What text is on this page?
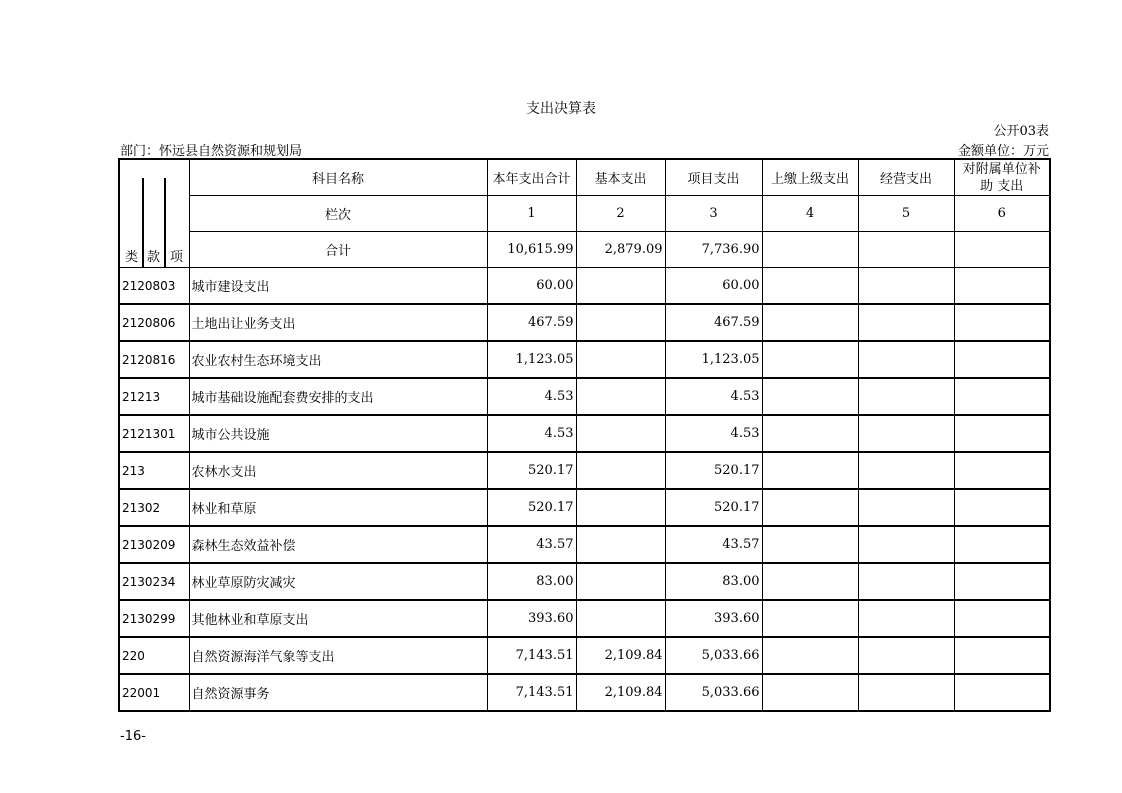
支出决算表
公开03表
部门：怀远县自然资源和规划局	金额单位：万元
类 款 项	科目名称	本年支出合计	基本支出	项目支出	上缴上级支出	经营支出	对附属单位补助 支出
	栏次	1	2	3	4	5	6
	合计	10,615.99	2,879.09	7,736.90			
2120803	城市建设支出	60.00		60.00			
2120806	土地出让业务支出	467.59		467.59			
2120816	农业农村生态环境支出	1,123.05		1,123.05			
21213	城市基础设施配套费安排的支出	4.53		4.53			
2121301	城市公共设施	4.53		4.53			
213	农林水支出	520.17		520.17			
21302	林业和草原	520.17		520.17			
2130209	森林生态效益补偿	43.57		43.57			
2130234	林业草原防灾减灾	83.00		83.00			
2130299	其他林业和草原支出	393.60		393.60			
220	自然资源海洋气象等支出	7,143.51	2,109.84	5,033.66			
22001	自然资源事务	7,143.51	2,109.84	5,033.66			
-16-
